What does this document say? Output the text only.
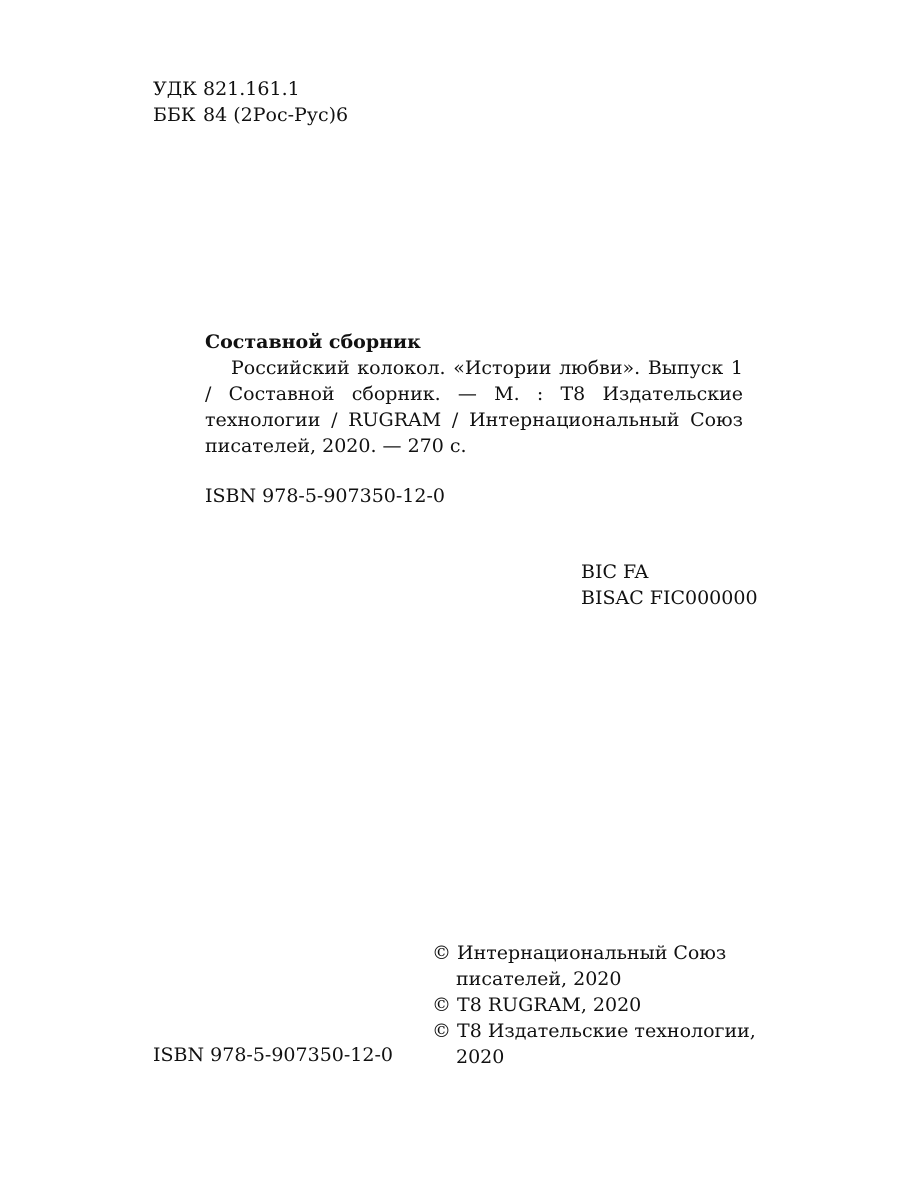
УДК 821.161.1
ББК 84 (2Рос-Рус)6
Составной сборник
Российский колокол. «Истории любви». Выпуск 1 / Составной сборник. — М. : Т8 Издательские технологии / RUGRAM / Интернациональный Союз писателей, 2020. — 270 с.
ISBN 978-5-907350-12-0
BIC FA
BISAC FIC000000
© Интернациональный Союз писателей, 2020
© Т8 RUGRAM, 2020
© Т8 Издательские технологии, 2020
ISBN 978-5-907350-12-0
